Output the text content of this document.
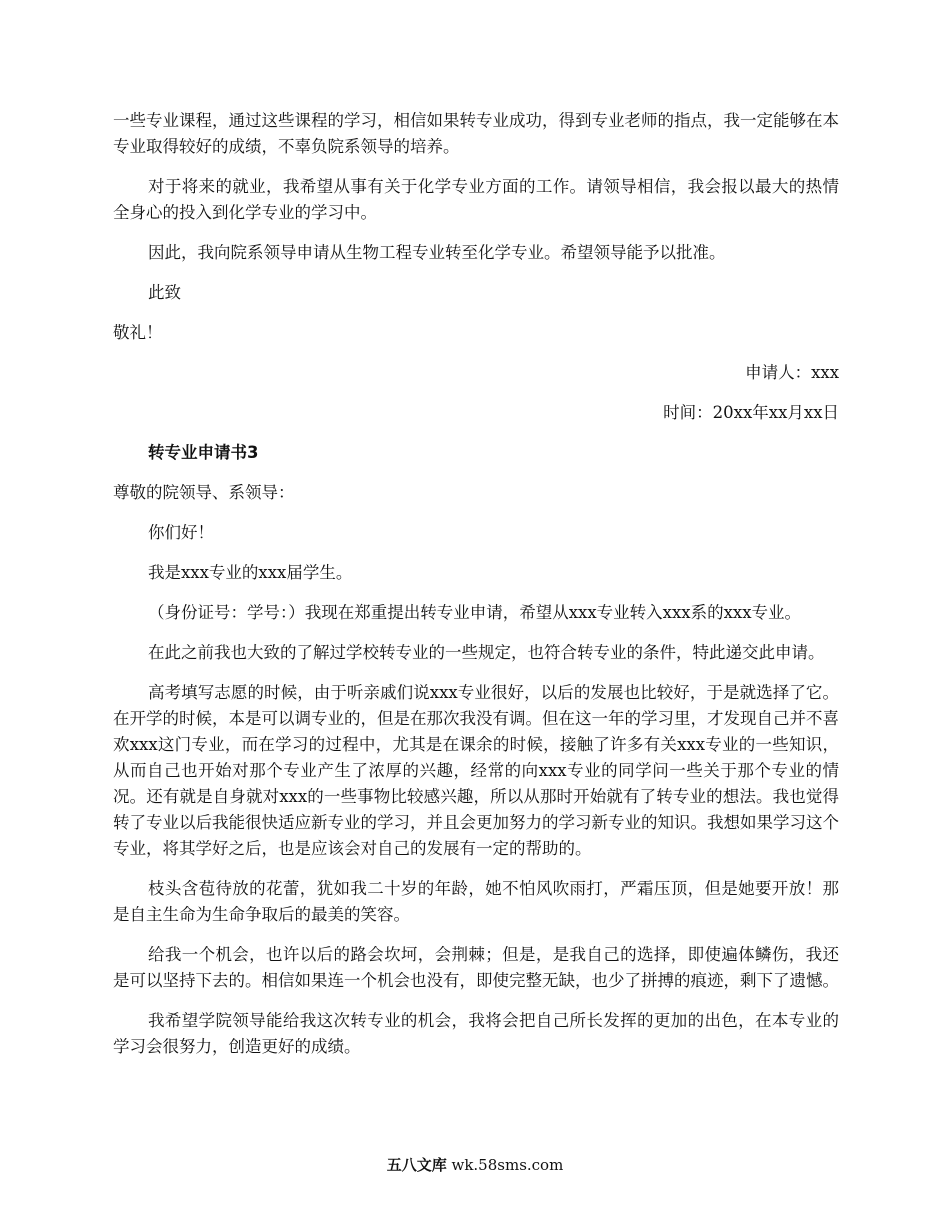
一些专业课程，通过这些课程的学习，相信如果转专业成功，得到专业老师的指点，我一定能够在本专业取得较好的成绩，不辜负院系领导的培养。

对于将来的就业，我希望从事有关于化学专业方面的工作。请领导相信，我会报以最大的热情全身心的投入到化学专业的学习中。

因此，我向院系领导申请从生物工程专业转至化学专业。希望领导能予以批准。

此致

敬礼！

申请人：xxx

时间：20xx年xx月xx日

转专业申请书3

尊敬的院领导、系领导：

你们好！

我是xxx专业的xxx届学生。

（身份证号：学号：）我现在郑重提出转专业申请，希望从xxx专业转入xxx系的xxx专业。

在此之前我也大致的了解过学校转专业的一些规定，也符合转专业的条件，特此递交此申请。

高考填写志愿的时候，由于听亲戚们说xxx专业很好，以后的发展也比较好，于是就选择了它。在开学的时候，本是可以调专业的，但是在那次我没有调。但在这一年的学习里，才发现自己并不喜欢xxx这门专业，而在学习的过程中，尤其是在课余的时候，接触了许多有关xxx专业的一些知识，从而自己也开始对那个专业产生了浓厚的兴趣，经常的向xxx专业的同学问一些关于那个专业的情况。还有就是自身就对xxx的一些事物比较感兴趣，所以从那时开始就有了转专业的想法。我也觉得转了专业以后我能很快适应新专业的学习，并且会更加努力的学习新专业的知识。我想如果学习这个专业，将其学好之后，也是应该会对自己的发展有一定的帮助的。

枝头含苞待放的花蕾，犹如我二十岁的年龄，她不怕风吹雨打，严霜压顶，但是她要开放！那是自主生命为生命争取后的最美的笑容。

给我一个机会，也许以后的路会坎坷，会荆棘；但是，是我自己的选择，即使遍体鳞伤，我还是可以坚持下去的。相信如果连一个机会也没有，即使完整无缺，也少了拼搏的痕迹，剩下了遗憾。

我希望学院领导能给我这次转专业的机会，我将会把自己所长发挥的更加的出色，在本专业的学习会很努力，创造更好的成绩。

五八文库 wk.58sms.com
